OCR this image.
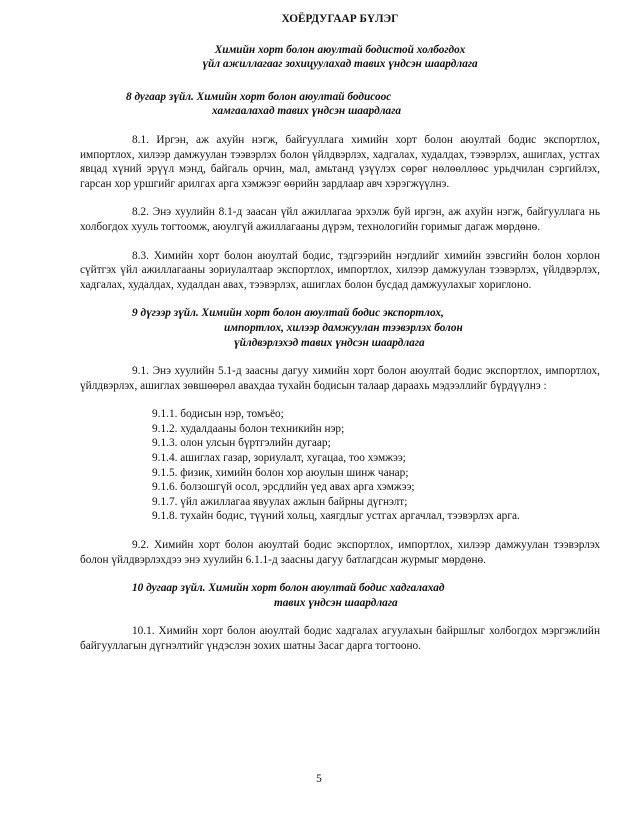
ХОЁРДУГААР БҮЛЭГ
Химийн хорт болон аюултай бодистой холбогдох
үйл ажиллагааг зохицуулахад тавих үндсэн шаардлага
8 дугаар зүйл. Химийн хорт болон аюултай бодисоос
хамгаалахад тавих үндсэн шаардлага

8.1. Иргэн, аж ахуйн нэгж, байгууллага химийн хорт болон аюултай бодис экспортлох, импортлох, хилээр дамжуулан тээвэрлэх болон үйлдвэрлэх, хадгалах, худалдах, тээвэрлэх, ашиглах, устгах явцад хүний эрүүл мэнд, байгаль орчин, мал, амьтанд үзүүлэх сөрөг нөлөөллөөс урьдчилан сэргийлэх, гарсан хор уршгийг арилгах арга хэмжээг өөрийн зардлаар авч хэрэгжүүлнэ.

8.2. Энэ хуулийн 8.1-д заасан үйл ажиллагаа эрхэлж буй иргэн, аж ахуйн нэгж, байгууллага нь холбогдох хууль тогтоомж, аюулгүй ажиллагааны дүрэм, технологийн горимыг дагаж мөрдөнө.

8.3. Химийн хорт болон аюултай бодис, тэдгээрийн нэгдлийг химийн зэвсгийн болон хорлон сүйтгэх үйл ажиллагааны зориулалтаар экспортлох, импортлох, хилээр дамжуулан тээвэрлэх, үйлдвэрлэх, хадгалах, худалдах, худалдан авах, тээвэрлэх, ашиглах болон бусдад дамжуулахыг хориглоно.

9 дүгээр зүйл. Химийн хорт болон аюултай бодис экспортлох,
импортлох, хилээр дамжуулан тээвэрлэх болон
үйлдвэрлэхэд тавих үндсэн шаардлага

9.1. Энэ хуулийн 5.1-д заасны дагуу химийн хорт болон аюултай бодис экспортлох, импортлох, үйлдвэрлэх, ашиглах зөвшөөрөл авахдаа тухайн бодисын талаар дараахь мэдээллийг бүрдүүлнэ :

9.1.1. бодисын нэр, томъёо;
9.1.2. худалдааны болон техникийн нэр;
9.1.3. олон улсын бүртгэлийн дугаар;
9.1.4. ашиглах газар, зориулалт, хугацаа, тоо хэмжээ;
9.1.5. физик, химийн болон хор аюулын шинж чанар;
9.1.6. болзошгүй осол, эрсдлийн үед авах арга хэмжээ;
9.1.7. үйл ажиллагаа явуулах ажлын байрны дүгнэлт;
9.1.8. тухайн бодис, түүний хольц, хаягдлыг устгах аргачлал, тээвэрлэх арга.

9.2. Химийн хорт болон аюултай бодис экспортлох, импортлох, хилээр дамжуулан тээвэрлэх болон үйлдвэрлэхдээ энэ хуулийн 6.1.1-д заасны дагуу батлагдсан журмыг мөрдөнө.

10 дугаар зүйл. Химийн хорт болон аюултай бодис хадгалахад
тавих үндсэн шаардлага

10.1. Химийн хорт болон аюултай бодис хадгалах агуулахын байршлыг холбогдох мэргэжлийн байгууллагын дүгнэлтийг үндэслэн зохих шатны Засаг дарга тогтооно.

5
